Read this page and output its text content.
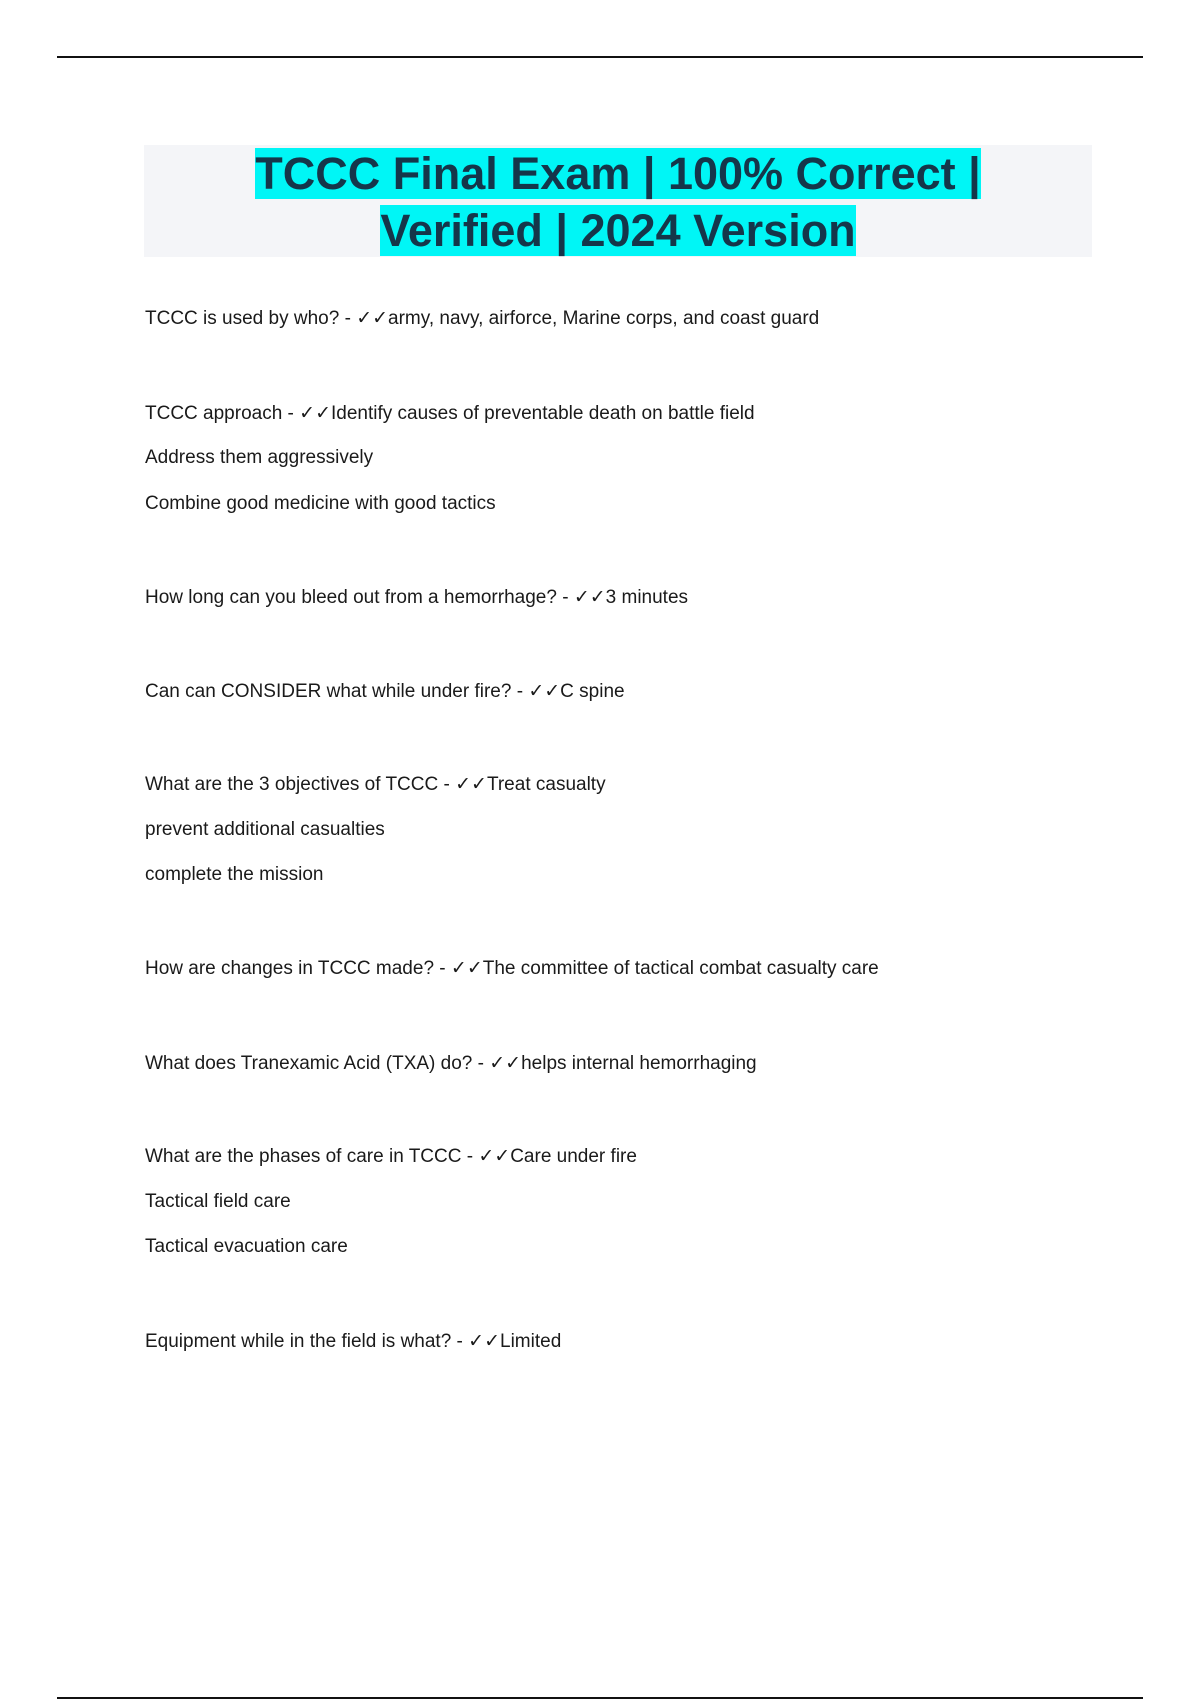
TCCC Final Exam | 100% Correct |
Verified | 2024 Version
TCCC is used by who? - ✓✓army, navy, airforce, Marine corps, and coast guard
TCCC approach - ✓✓Identify causes of preventable death on battle field
Address them aggressively
Combine good medicine with good tactics
How long can you bleed out from a hemorrhage? - ✓✓3 minutes
Can can CONSIDER what while under fire? - ✓✓C spine
What are the 3 objectives of TCCC - ✓✓Treat casualty
prevent additional casualties
complete the mission
How are changes in TCCC made? - ✓✓The committee of tactical combat casualty care
What does Tranexamic Acid (TXA) do? - ✓✓helps internal hemorrhaging
What are the phases of care in TCCC - ✓✓Care under fire
Tactical field care
Tactical evacuation care
Equipment while in the field is what? - ✓✓Limited
